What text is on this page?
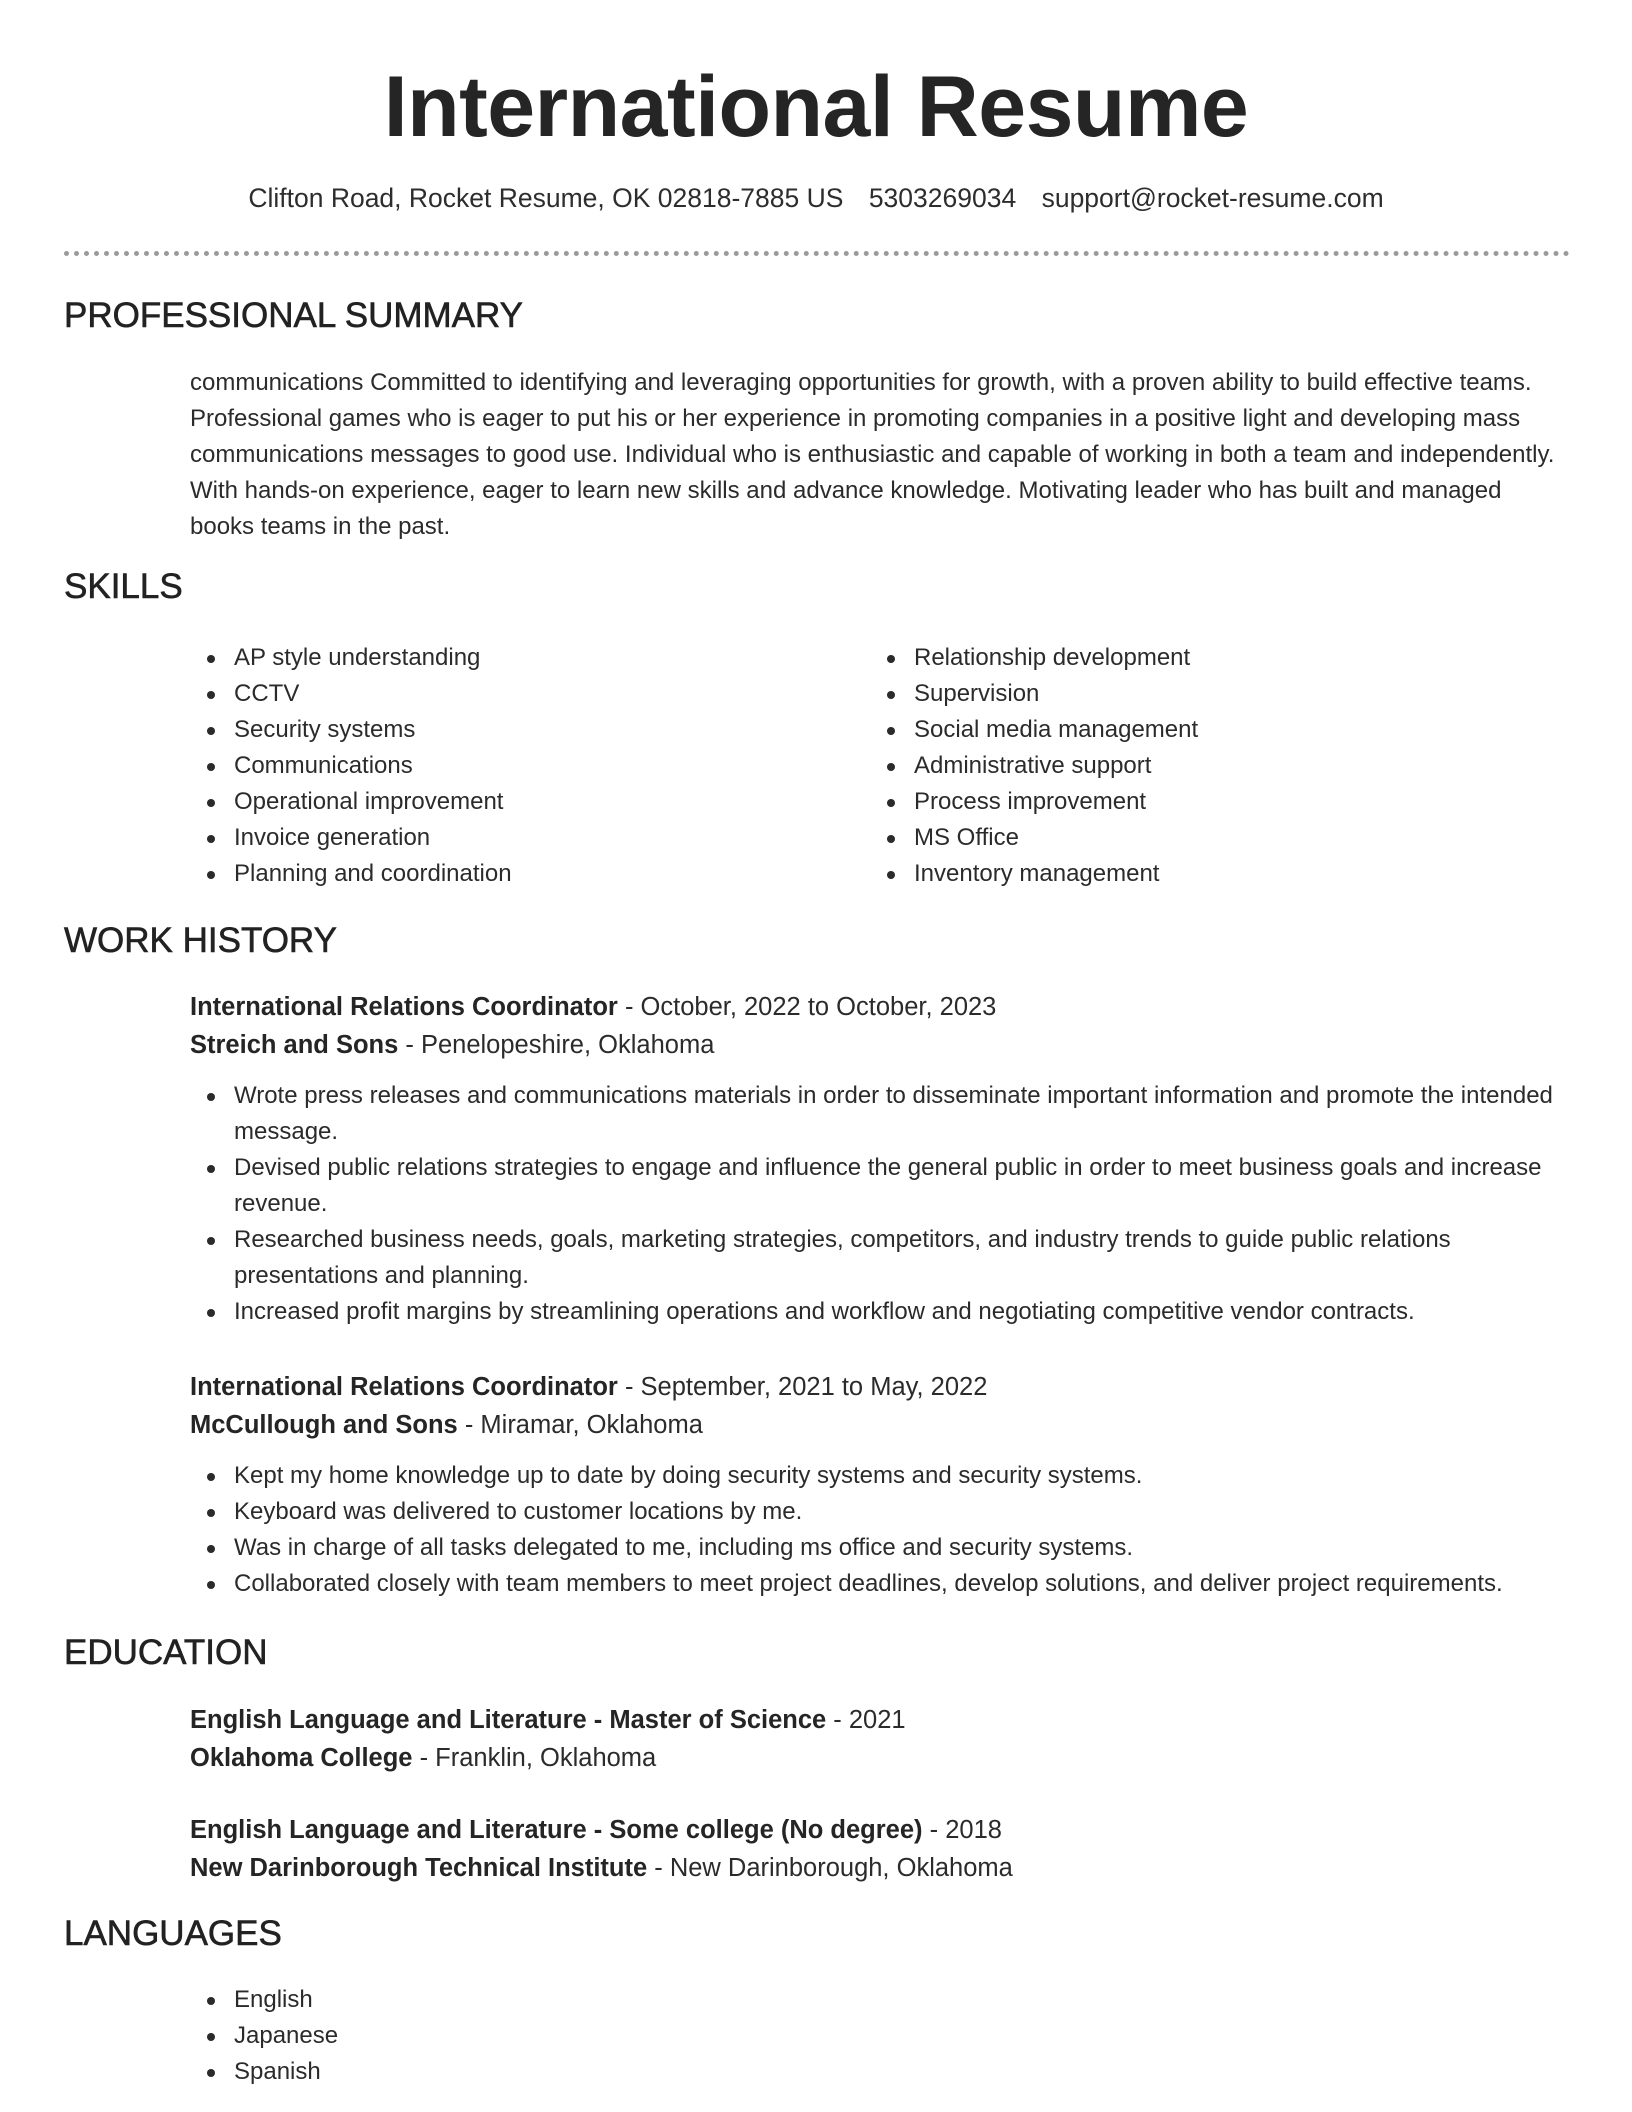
International Resume
Clifton Road, Rocket Resume, OK 02818-7885 US 5303269034 support@rocket-resume.com
PROFESSIONAL SUMMARY

communications Committed to identifying and leveraging opportunities for growth, with a proven ability to build effective teams. Professional games who is eager to put his or her experience in promoting companies in a positive light and developing mass communications messages to good use. Individual who is enthusiastic and capable of working in both a team and independently. With hands-on experience, eager to learn new skills and advance knowledge. Motivating leader who has built and managed books teams in the past.

SKILLS
AP style understanding
CCTV
Security systems
Communications
Operational improvement
Invoice generation
Planning and coordination
Relationship development
Supervision
Social media management
Administrative support
Process improvement
MS Office
Inventory management
WORK HISTORY
International Relations Coordinator - October, 2022 to October, 2023
Streich and Sons - Penelopeshire, Oklahoma
Wrote press releases and communications materials in order to disseminate important information and promote the intended message.
Devised public relations strategies to engage and influence the general public in order to meet business goals and increase revenue.
Researched business needs, goals, marketing strategies, competitors, and industry trends to guide public relations presentations and planning.
Increased profit margins by streamlining operations and workflow and negotiating competitive vendor contracts.
International Relations Coordinator - September, 2021 to May, 2022
McCullough and Sons - Miramar, Oklahoma
Kept my home knowledge up to date by doing security systems and security systems.
Keyboard was delivered to customer locations by me.
Was in charge of all tasks delegated to me, including ms office and security systems.
Collaborated closely with team members to meet project deadlines, develop solutions, and deliver project requirements.
EDUCATION
English Language and Literature - Master of Science - 2021
Oklahoma College - Franklin, Oklahoma
English Language and Literature - Some college (No degree) - 2018
New Darinborough Technical Institute - New Darinborough, Oklahoma
LANGUAGES
English
Japanese
Spanish
